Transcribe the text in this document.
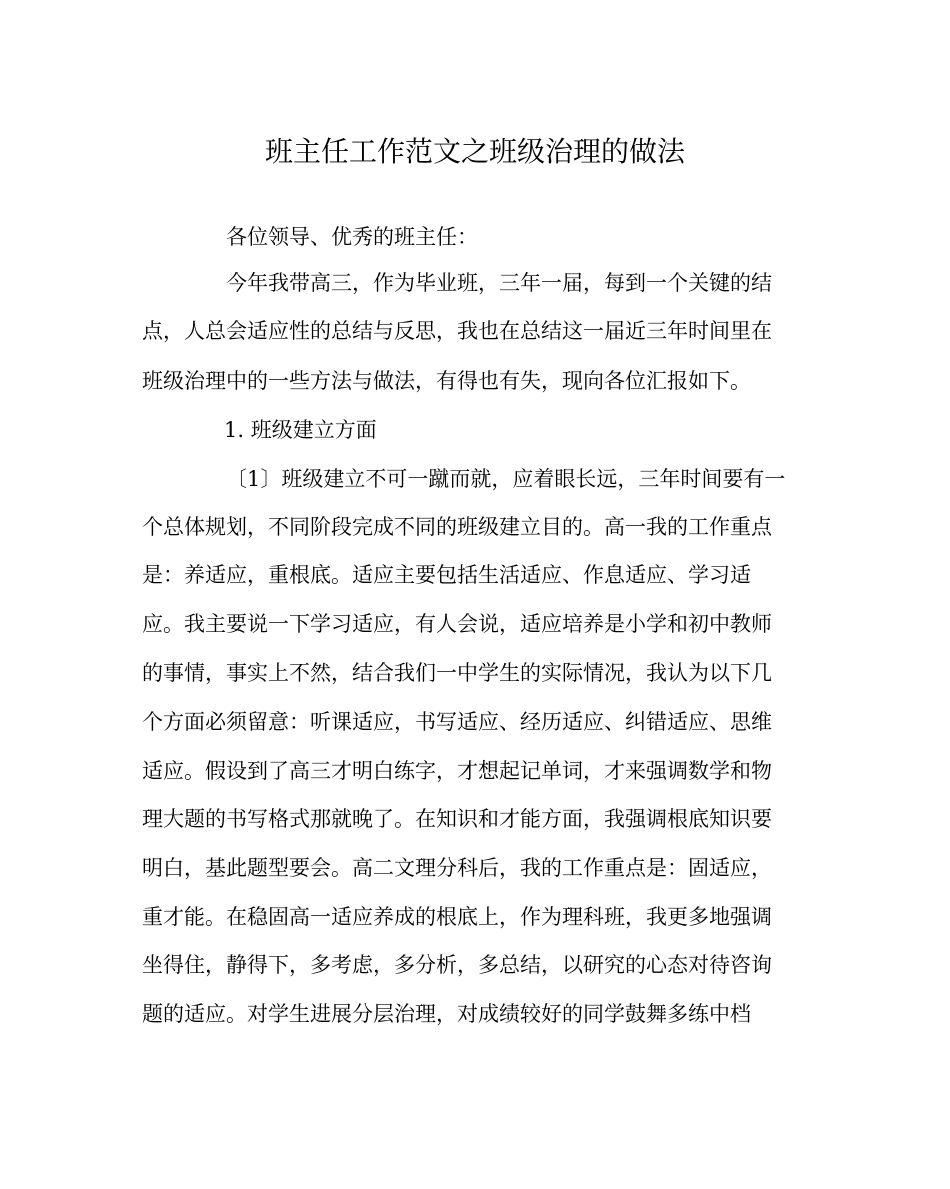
班主任工作范文之班级治理的做法
各位领导、优秀的班主任：
今年我带高三，作为毕业班，三年一届，每到一个关键的结
点，人总会适应性的总结与反思，我也在总结这一届近三年时间里在
班级治理中的一些方法与做法，有得也有失，现向各位汇报如下。
1. 班级建立方面
〔1〕班级建立不可一蹴而就，应着眼长远，三年时间要有一
个总体规划，不同阶段完成不同的班级建立目的。高一我的工作重点
是：养适应，重根底。适应主要包括生活适应、作息适应、学习适
应。我主要说一下学习适应，有人会说，适应培养是小学和初中教师
的事情，事实上不然，结合我们一中学生的实际情况，我认为以下几
个方面必须留意：听课适应，书写适应、经历适应、纠错适应、思维
适应。假设到了高三才明白练字，才想起记单词，才来强调数学和物
理大题的书写格式那就晚了。在知识和才能方面，我强调根底知识要
明白，基此题型要会。高二文理分科后，我的工作重点是：固适应，
重才能。在稳固高一适应养成的根底上，作为理科班，我更多地强调
坐得住，静得下，多考虑，多分析，多总结，以研究的心态对待咨询
题的适应。对学生进展分层治理，对成绩较好的同学鼓舞多练中档
